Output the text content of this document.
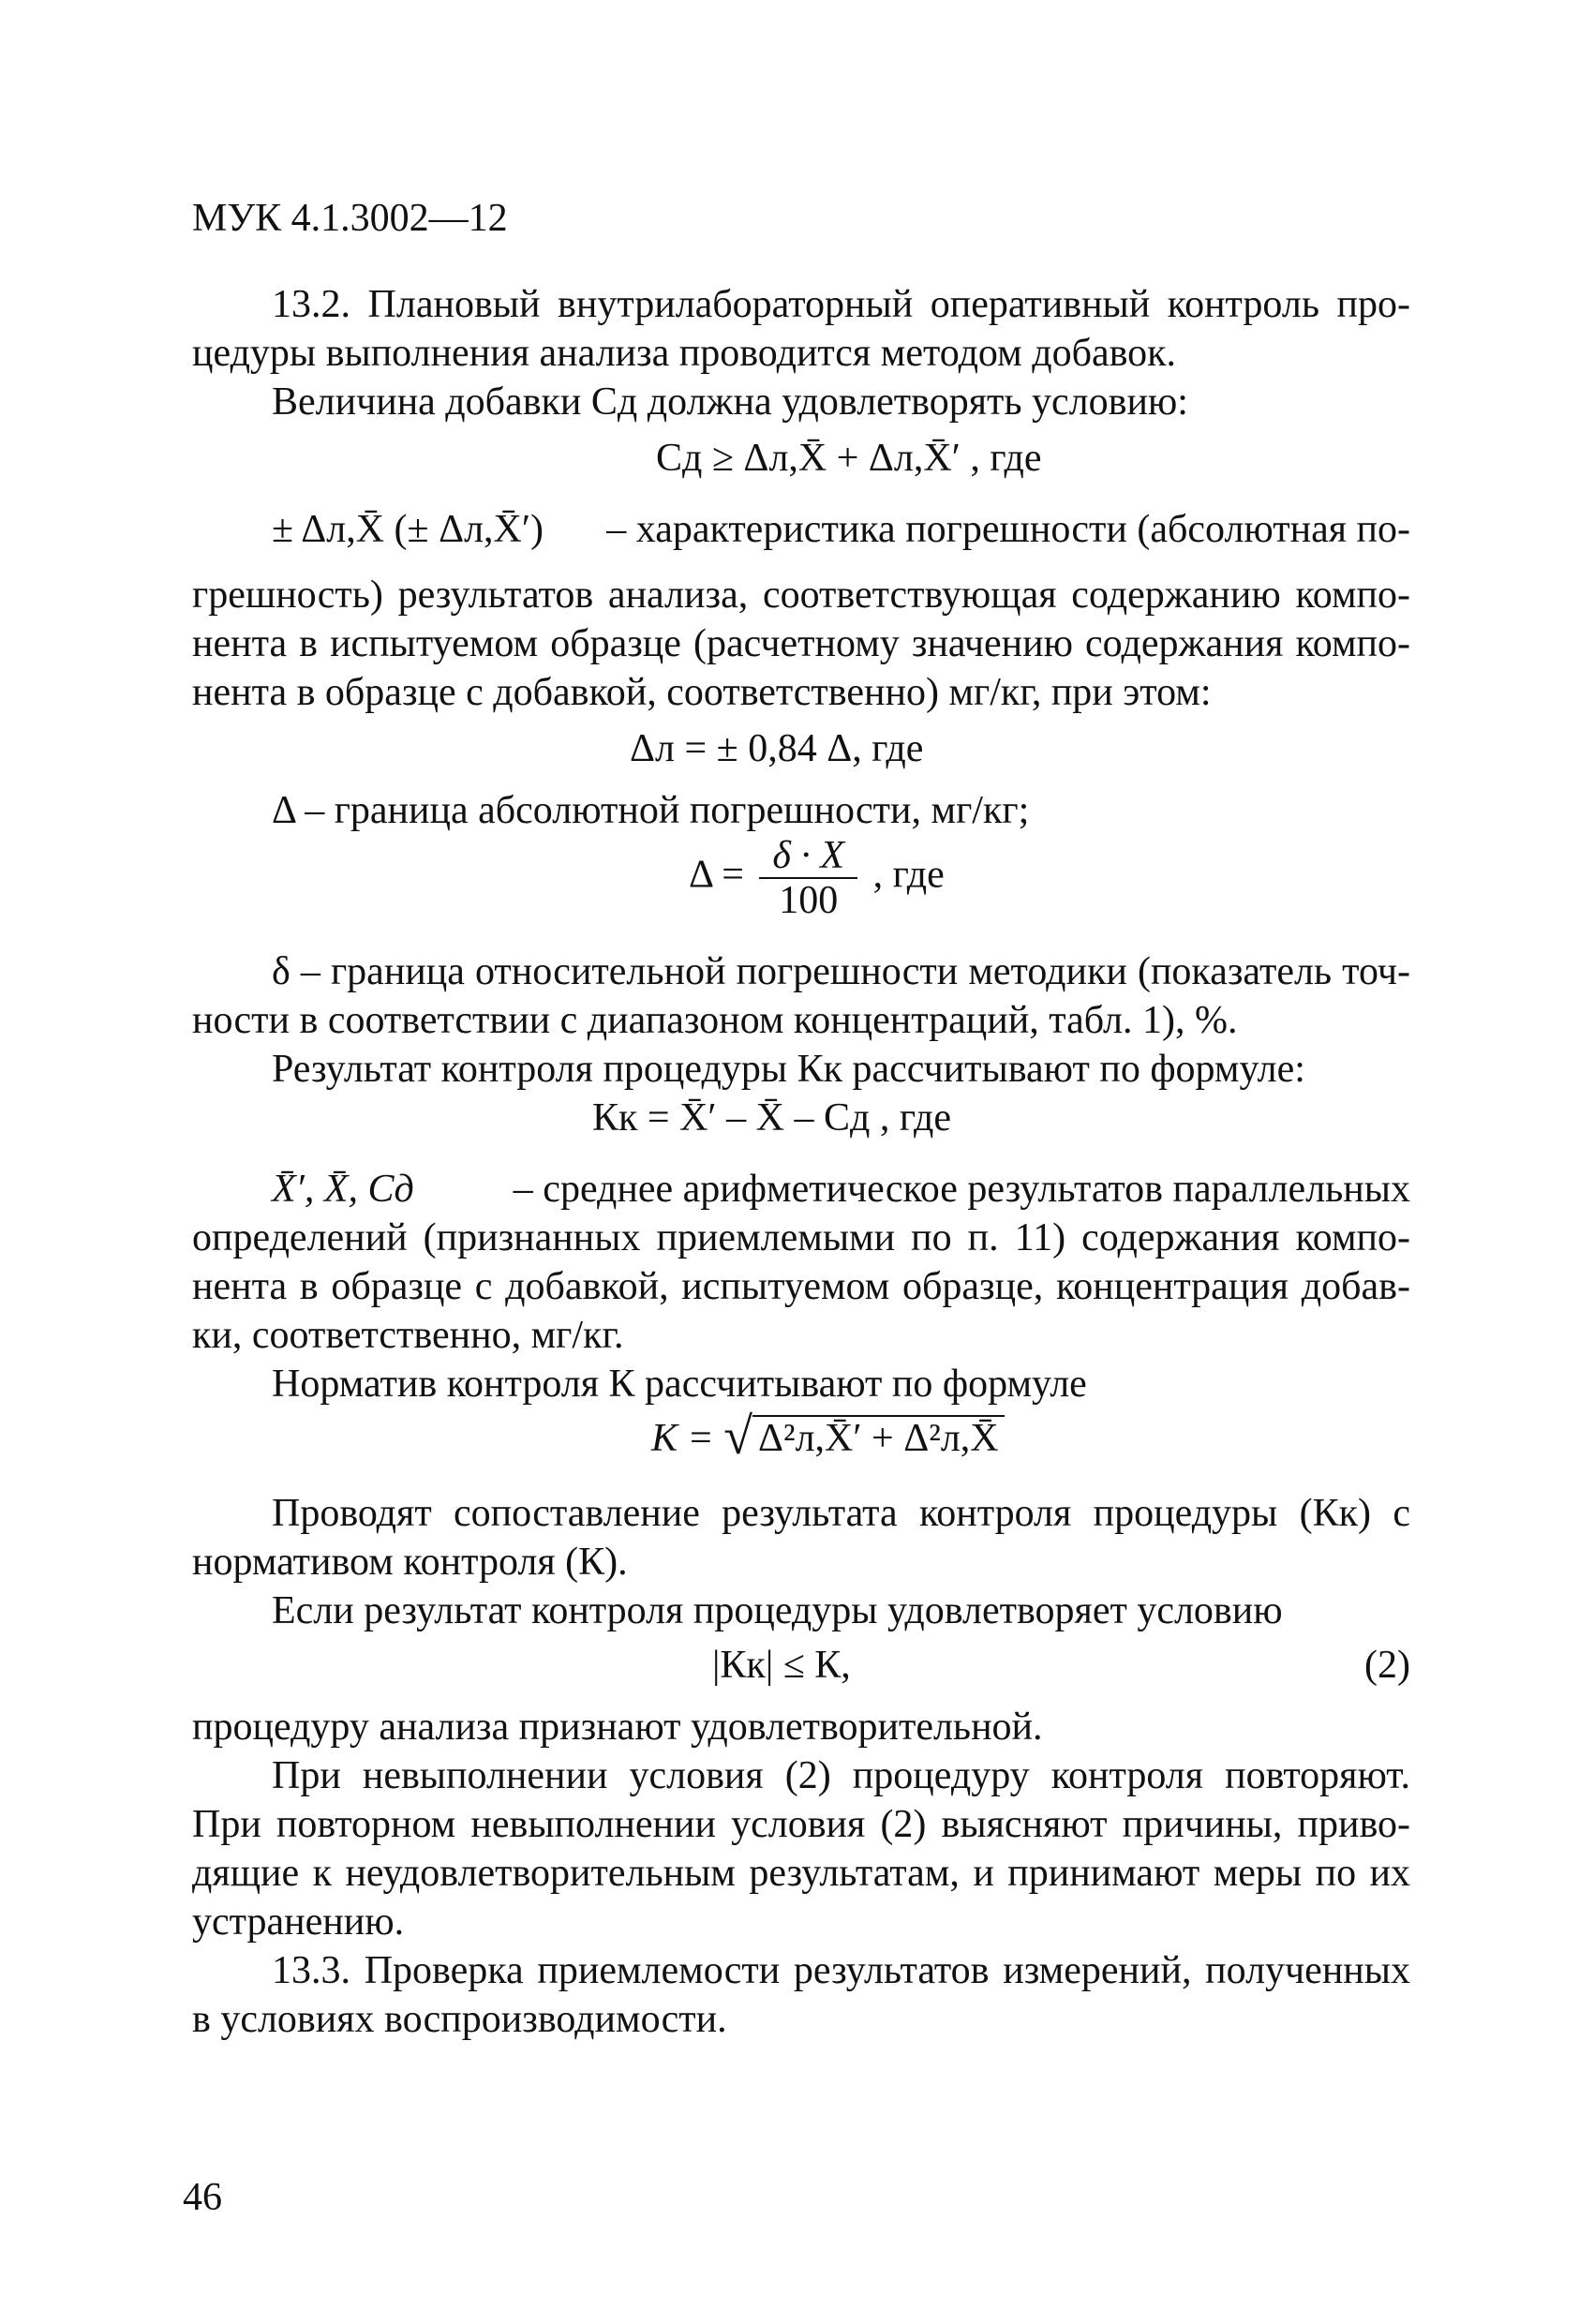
МУК 4.1.3002—12
13.2. Плановый внутрилабораторный оперативный контроль про-
цедуры выполнения анализа проводится методом добавок.
Величина добавки Сд должна удовлетворять условию:
Сд ≥ Δл,X̄ + Δл,X̄′ , где
± Δл,X̄ (± Δл,X̄′) – характеристика погрешности (абсолютная по-
грешность) результатов анализа, соответствующая содержанию компо-
нента в испытуемом образце (расчетному значению содержания компо-
нента в образце с добавкой, соответственно) мг/кг, при этом:
Δл = ± 0,84 Δ, где
Δ – граница абсолютной погрешности, мг/кг;
$\Delta = \frac{\delta \cdot X}{100}$ , где
δ – граница относительной погрешности методики (показатель точ-
ности в соответствии с диапазоном концентраций, табл. 1), %.
Результат контроля процедуры Кк рассчитывают по формуле:
Кк = X̄′ – X̄ – Сд , где
X̄′, X̄, Сд	– среднее арифметическое результатов параллельных
определений (признанных приемлемыми по п. 11) содержания компо-
нента в образце с добавкой, испытуемом образце, концентрация добав-
ки, соответственно, мг/кг.
Норматив контроля К рассчитывают по формуле
К = √ Δ²л,X̄′ + Δ²л,X̄
Проводят сопоставление результата контроля процедуры (Кк) с
нормативом контроля (К).
Если результат контроля процедуры удовлетворяет условию
|Кк| ≤ К,	(2)
процедуру анализа признают удовлетворительной.
При невыполнении условия (2) процедуру контроля повторяют.
При повторном невыполнении условия (2) выясняют причины, приво-
дящие к неудовлетворительным результатам, и принимают меры по их
устранению.
13.3. Проверка приемлемости результатов измерений, полученных
в условиях воспроизводимости.
46
